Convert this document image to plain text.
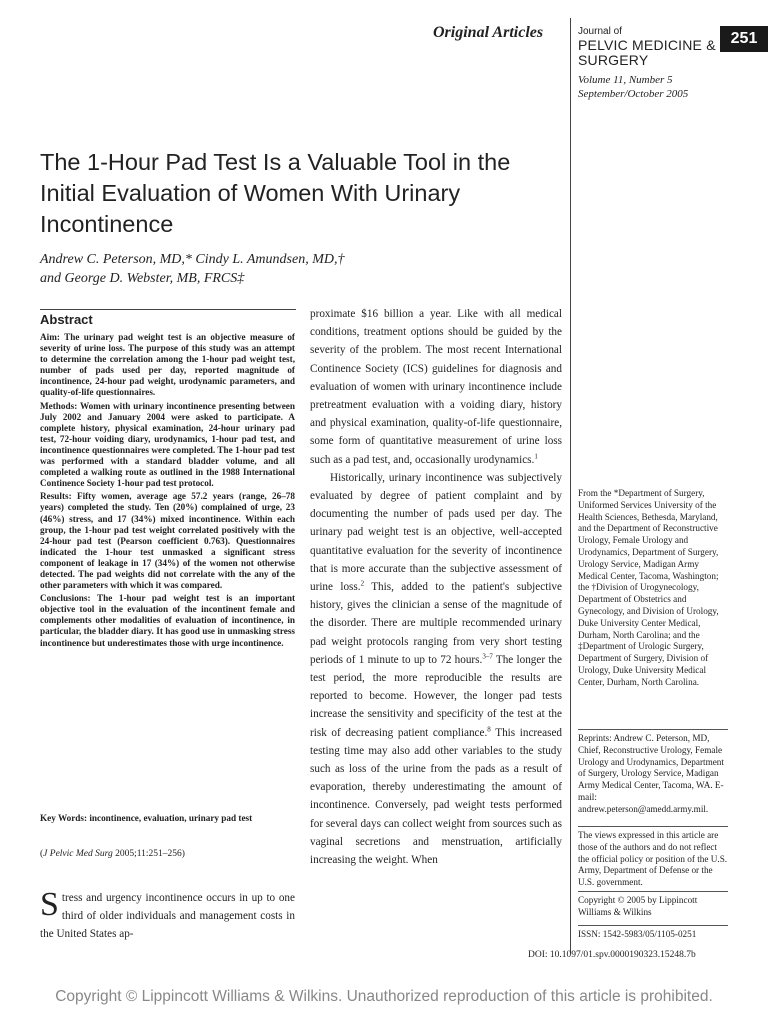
Original Articles	Journal of
PELVIC MEDICINE &
SURGERY
Volume 11, Number 5
September/October 2005
251
The 1-Hour Pad Test Is a Valuable Tool in the Initial Evaluation of Women With Urinary Incontinence
Andrew C. Peterson, MD,* Cindy L. Amundsen, MD,†
and George D. Webster, MB, FRCS‡
Abstract

Aim: The urinary pad weight test is an objective measure of severity of urine loss. The purpose of this study was an attempt to determine the correlation among the 1-hour pad weight test, number of pads used per day, reported magnitude of incontinence, 24-hour pad weight, urodynamic parameters, and quality-of-life questionnaires.

Methods: Women with urinary incontinence presenting between July 2002 and January 2004 were asked to participate. A complete history, physical examination, 24-hour urinary pad test, 72-hour voiding diary, urodynamics, 1-hour pad test, and incontinence questionnaires were completed. The 1-hour pad test was performed with a standard bladder volume, and all completed a walking route as outlined in the 1988 International Continence Society 1-hour pad test protocol.

Results: Fifty women, average age 57.2 years (range, 26–78 years) completed the study. Ten (20%) complained of urge, 23 (46%) stress, and 17 (34%) mixed incontinence. Within each group, the 1-hour pad test weight correlated positively with the 24-hour pad test (Pearson coefficient 0.763). Questionnaires indicated the 1-hour test unmasked a significant stress component of leakage in 17 (34%) of the women not otherwise detected. The pad weights did not correlate with the any of the other parameters with which it was compared.

Conclusions: The 1-hour pad weight test is an important objective tool in the evaluation of the incontinent female and complements other modalities of evaluation of incontinence, in particular, the bladder diary. It has good use in unmasking stress incontinence but underestimates those with urge incontinence.

Key Words: incontinence, evaluation, urinary pad test
(J Pelvic Med Surg 2005;11:251–256)
Stress and urgency incontinence occurs in up to one third of older individuals and management costs in the United States ap-

proximate $16 billion a year. Like with all medical conditions, treatment options should be guided by the severity of the problem. The most recent International Continence Society (ICS) guidelines for diagnosis and evaluation of women with urinary incontinence include pretreatment evaluation with a voiding diary, history and physical examination, quality-of-life questionnaire, some form of quantitative measurement of urine loss such as a pad test, and, occasionally urodynamics.$^1$

Historically, urinary incontinence was subjectively evaluated by degree of patient complaint and by documenting the number of pads used per day. The urinary pad weight test is an objective, well-accepted quantitative evaluation for the severity of incontinence that is more accurate than the subjective assessment of urine loss.$^2$ This, added to the patient's subjective history, gives the clinician a sense of the magnitude of the disorder. There are multiple recommended urinary pad weight protocols ranging from very short testing periods of 1 minute to up to 72 hours.$^{3-7}$ The longer the test period, the more reproducible the results are reported to become. However, the longer pad tests increase the sensitivity and specificity of the test at the risk of decreasing patient compliance.$^8$ This increased testing time may also add other variables to the study such as loss of the urine from the pads as a result of evaporation, thereby underestimating the amount of incontinence. Conversely, pad weight tests performed for several days can collect weight from sources such as vaginal secretions and menstruation, artificially increasing the weight. When

From the *Department of Surgery, Uniformed Services University of the Health Sciences, Bethesda, Maryland, and the Department of Reconstructive Urology, Female Urology and Urodynamics, Department of Surgery, Urology Service, Madigan Army Medical Center, Tacoma, Washington; the †Division of Urogynecology, Department of Obstetrics and Gynecology, and Division of Urology, Duke University Center Medical, Durham, North Carolina; and the ‡Department of Urologic Surgery, Department of Surgery, Division of Urology, Duke University Medical Center, Durham, North Carolina.
Reprints: Andrew C. Peterson, MD, Chief, Reconstructive Urology, Female Urology and Urodynamics, Department of Surgery, Urology Service, Madigan Army Medical Center, Tacoma, WA. E-mail: andrew.peterson@amedd.army.mil.
The views expressed in this article are those of the authors and do not reflect the official policy or position of the U.S. Army, Department of Defense or the U.S. government.
Copyright © 2005 by Lippincott Williams & Wilkins
ISSN: 1542-5983/05/1105-0251
DOI: 10.1097/01.spv.0000190323.15248.7b
Copyright © Lippincott Williams & Wilkins. Unauthorized reproduction of this article is prohibited.
